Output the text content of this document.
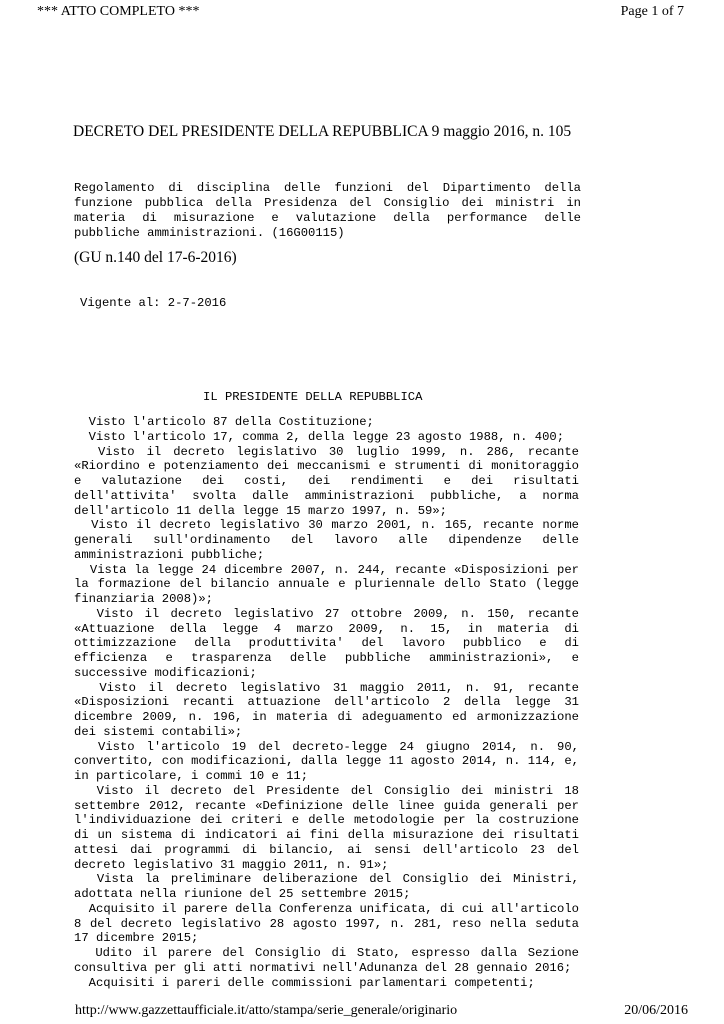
*** ATTO COMPLETO ***	Page 1 of 7
DECRETO DEL PRESIDENTE DELLA REPUBBLICA 9 maggio 2016, n. 105
Regolamento di disciplina delle funzioni del Dipartimento della
funzione pubblica della Presidenza del Consiglio dei ministri in
materia di misurazione e valutazione della performance delle
pubbliche amministrazioni. (16G00115)
(GU n.140 del 17-6-2016)
Vigente al: 2-7-2016
IL PRESIDENTE DELLA REPUBBLICA
Visto l'articolo 87 della Costituzione;
Visto l'articolo 17, comma 2, della legge 23 agosto 1988, n. 400;
Visto il decreto legislativo 30 luglio 1999, n. 286, recante
«Riordino e potenziamento dei meccanismi e strumenti di monitoraggio
e valutazione dei costi, dei rendimenti e dei risultati
dell'attivita' svolta dalle amministrazioni pubbliche, a norma
dell'articolo 11 della legge 15 marzo 1997, n. 59»;
Visto il decreto legislativo 30 marzo 2001, n. 165, recante norme
generali sull'ordinamento del lavoro alle dipendenze delle
amministrazioni pubbliche;
Vista la legge 24 dicembre 2007, n. 244, recante «Disposizioni per
la formazione del bilancio annuale e pluriennale dello Stato (legge
finanziaria 2008)»;
Visto il decreto legislativo 27 ottobre 2009, n. 150, recante
«Attuazione della legge 4 marzo 2009, n. 15, in materia di
ottimizzazione della produttivita' del lavoro pubblico e di
efficienza e trasparenza delle pubbliche amministrazioni», e
successive modificazioni;
Visto il decreto legislativo 31 maggio 2011, n. 91, recante
«Disposizioni recanti attuazione dell'articolo 2 della legge 31
dicembre 2009, n. 196, in materia di adeguamento ed armonizzazione
dei sistemi contabili»;
Visto l'articolo 19 del decreto-legge 24 giugno 2014, n. 90,
convertito, con modificazioni, dalla legge 11 agosto 2014, n. 114, e,
in particolare, i commi 10 e 11;
Visto il decreto del Presidente del Consiglio dei ministri 18
settembre 2012, recante «Definizione delle linee guida generali per
l'individuazione dei criteri e delle metodologie per la costruzione
di un sistema di indicatori ai fini della misurazione dei risultati
attesi dai programmi di bilancio, ai sensi dell'articolo 23 del
decreto legislativo 31 maggio 2011, n. 91»;
Vista la preliminare deliberazione del Consiglio dei Ministri,
adottata nella riunione del 25 settembre 2015;
Acquisito il parere della Conferenza unificata, di cui all'articolo
8 del decreto legislativo 28 agosto 1997, n. 281, reso nella seduta
17 dicembre 2015;
Udito il parere del Consiglio di Stato, espresso dalla Sezione
consultiva per gli atti normativi nell'Adunanza del 28 gennaio 2016;
Acquisiti i pareri delle commissioni parlamentari competenti;
http://www.gazzettaufficiale.it/atto/stampa/serie_generale/originario	20/06/2016
